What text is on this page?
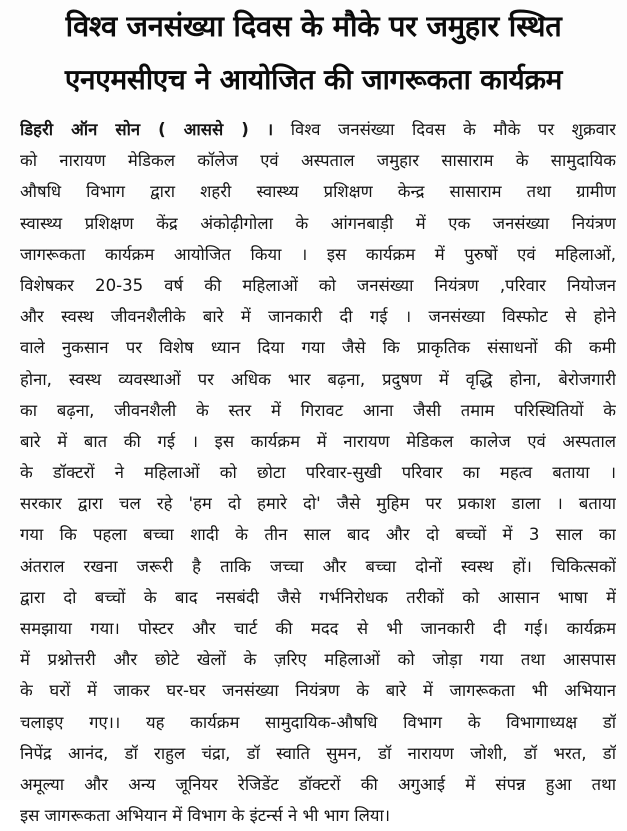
विश्व जनसंख्या दिवस के मौके पर जमुहार स्थित
एनएमसीएच ने आयोजित की जागरूकता कार्यक्रम
डिहरी ऑन सोन ( आससे ) । विश्व जनसंख्या दिवस के मौके पर शुक्रवार
को नारायण मेडिकल कॉलेज एवं अस्पताल जमुहार सासाराम के सामुदायिक
औषधि विभाग द्वारा शहरी स्वास्थ्य प्रशिक्षण केन्द्र सासाराम तथा ग्रामीण
स्वास्थ्य प्रशिक्षण केंद्र अंकोढ़ीगोला के आंगनबाड़ी में एक जनसंख्या नियंत्रण
जागरूकता कार्यक्रम आयोजित किया । इस कार्यक्रम में पुरुषों एवं महिलाओं,
विशेषकर 20-35 वर्ष की महिलाओं को जनसंख्या नियंत्रण ,परिवार नियोजन
और स्वस्थ जीवनशैलीके बारे में जानकारी दी गई । जनसंख्या विस्फोट से होने
वाले नुकसान पर विशेष ध्यान दिया गया जैसे कि प्राकृतिक संसाधनों की कमी
होना, स्वस्थ व्यवस्थाओं पर अधिक भार बढ़ना, प्रदुषण में वृद्धि होना, बेरोजगारी
का बढ़ना, जीवनशैली के स्तर में गिरावट आना जैसी तमाम परिस्थितियों के
बारे में बात की गई । इस कार्यक्रम में नारायण मेडिकल कालेज एवं अस्पताल
के डॉक्टरों ने महिलाओं को छोटा परिवार-सुखी परिवार का महत्व बताया ।
सरकार द्वारा चल रहे 'हम दो हमारे दो' जैसे मुहिम पर प्रकाश डाला । बताया
गया कि पहला बच्चा शादी के तीन साल बाद और दो बच्चों में 3 साल का
अंतराल रखना जरूरी है ताकि जच्चा और बच्चा दोनों स्वस्थ हों। चिकित्सकों
द्वारा दो बच्चों के बाद नसबंदी जैसे गर्भनिरोधक तरीकों को आसान भाषा में
समझाया गया। पोस्टर और चार्ट की मदद से भी जानकारी दी गई। कार्यक्रम
में प्रश्नोत्तरी और छोटे खेलों के ज़रिए महिलाओं को जोड़ा गया तथा आसपास
के घरों में जाकर घर-घर जनसंख्या नियंत्रण के बारे में जागरूकता भी अभियान
चलाइए गए।। यह कार्यक्रम सामुदायिक-औषधि विभाग के विभागाध्यक्ष डॉ
निपेंद्र आनंद, डॉ राहुल चंद्रा, डॉ स्वाति सुमन, डॉ नारायण जोशी, डॉ भरत, डॉ
अमूल्या और अन्य जूनियर रेजिडेंट डॉक्टरों की अगुआई में संपन्न हुआ तथा
इस जागरूकता अभियान में विभाग के इंटर्न्स ने भी भाग लिया।
